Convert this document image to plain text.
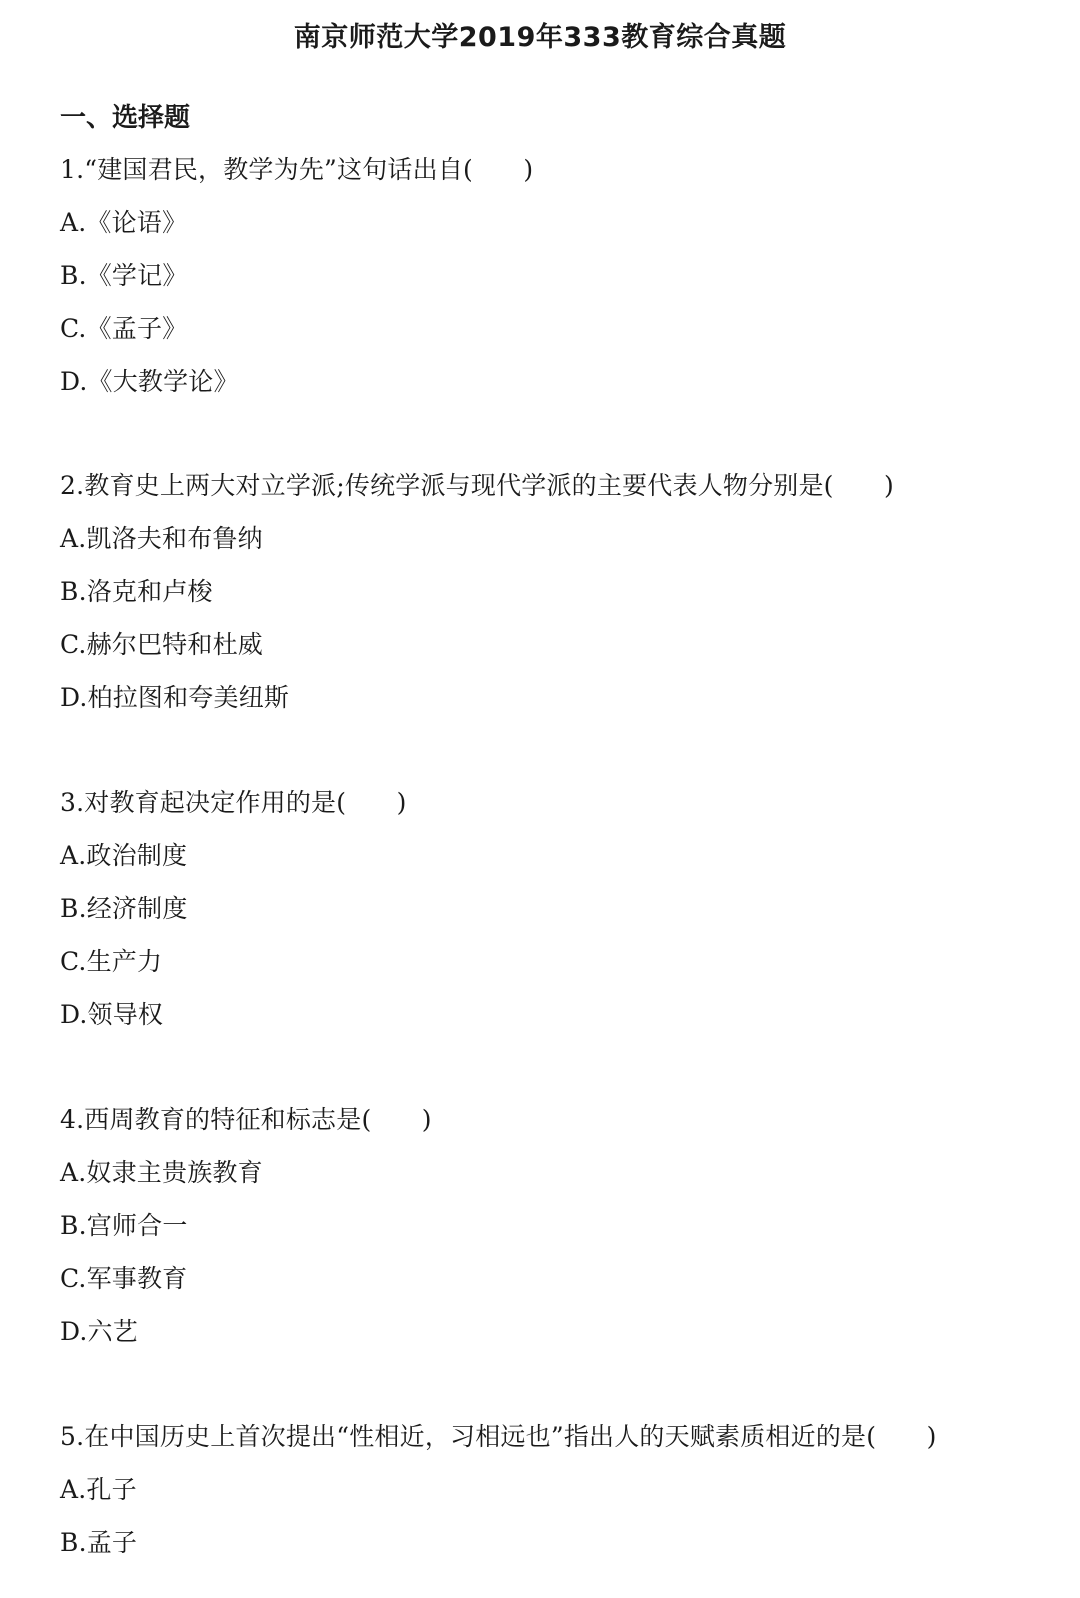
南京师范大学2019年333教育综合真题
一、选择题
1.“建国君民，教学为先”这句话出自(　　)
A.《论语》
B.《学记》
C.《孟子》
D.《大教学论》
2.教育史上两大对立学派;传统学派与现代学派的主要代表人物分别是(　　)
A.凯洛夫和布鲁纳
B.洛克和卢梭
C.赫尔巴特和杜威
D.柏拉图和夸美纽斯
3.对教育起决定作用的是(　　)
A.政治制度
B.经济制度
C.生产力
D.领导权
4.西周教育的特征和标志是(　　)
A.奴隶主贵族教育
B.宫师合一
C.军事教育
D.六艺
5.在中国历史上首次提出“性相近，习相远也”指出人的天赋素质相近的是(　　)
A.孔子
B.孟子
